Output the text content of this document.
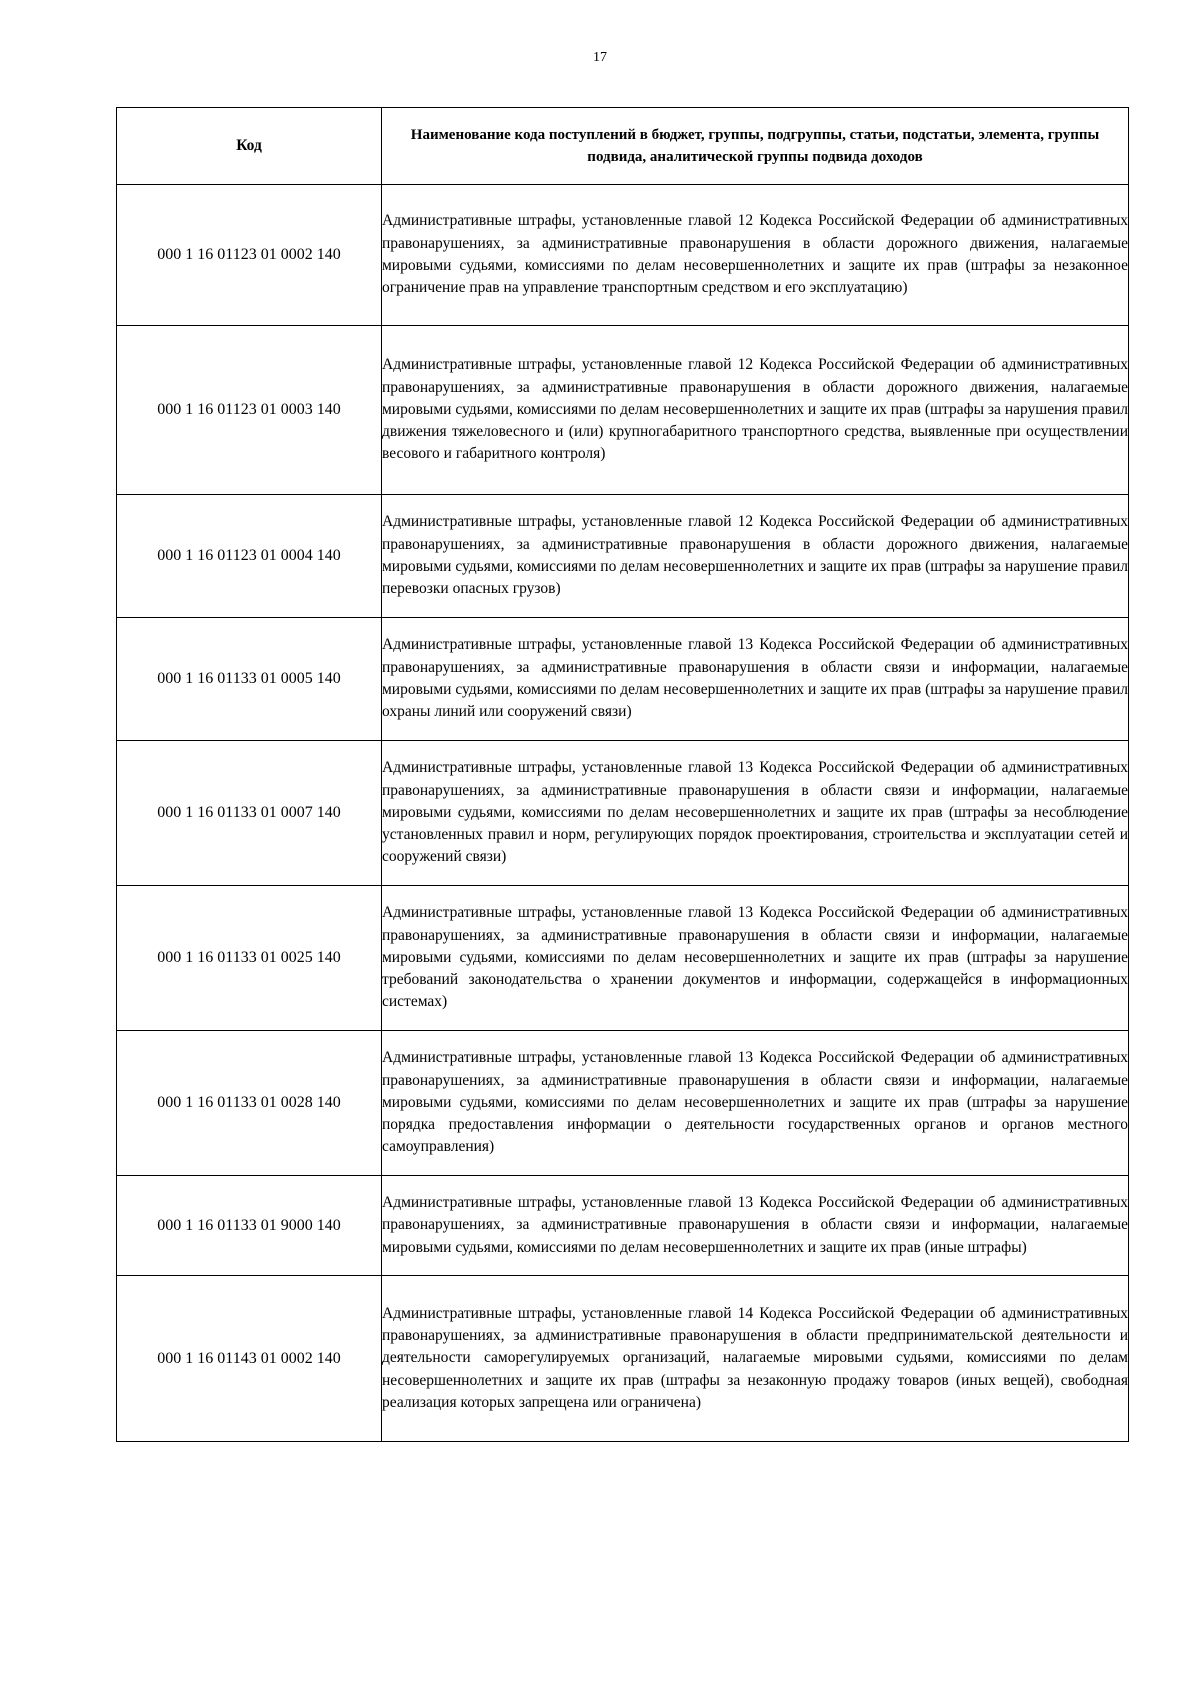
17
Код	Наименование кода поступлений в бюджет, группы, подгруппы, статьи, подстатьи, элемента, группы подвида, аналитической группы подвида доходов
000 1 16 01123 01 0002 140	Административные штрафы, установленные главой 12 Кодекса Российской Федерации об административных правонарушениях, за административные правонарушения в области дорожного движения, налагаемые мировыми судьями, комиссиями по делам несовершеннолетних и защите их прав (штрафы за незаконное ограничение прав на управление транспортным средством и его эксплуатацию)
000 1 16 01123 01 0003 140	Административные штрафы, установленные главой 12 Кодекса Российской Федерации об административных правонарушениях, за административные правонарушения в области дорожного движения, налагаемые мировыми судьями, комиссиями по делам несовершеннолетних и защите их прав (штрафы за нарушения правил движения тяжеловесного и (или) крупногабаритного транспортного средства, выявленные при осуществлении весового и габаритного контроля)
000 1 16 01123 01 0004 140	Административные штрафы, установленные главой 12 Кодекса Российской Федерации об административных правонарушениях, за административные правонарушения в области дорожного движения, налагаемые мировыми судьями, комиссиями по делам несовершеннолетних и защите их прав (штрафы за нарушение правил перевозки опасных грузов)
000 1 16 01133 01 0005 140	Административные штрафы, установленные главой 13 Кодекса Российской Федерации об административных правонарушениях, за административные правонарушения в области связи и информации, налагаемые мировыми судьями, комиссиями по делам несовершеннолетних и защите их прав (штрафы за нарушение правил охраны линий или сооружений связи)
000 1 16 01133 01 0007 140	Административные штрафы, установленные главой 13 Кодекса Российской Федерации об административных правонарушениях, за административные правонарушения в области связи и информации, налагаемые мировыми судьями, комиссиями по делам несовершеннолетних и защите их прав (штрафы за несоблюдение установленных правил и норм, регулирующих порядок проектирования, строительства и эксплуатации сетей и сооружений связи)
000 1 16 01133 01 0025 140	Административные штрафы, установленные главой 13 Кодекса Российской Федерации об административных правонарушениях, за административные правонарушения в области связи и информации, налагаемые мировыми судьями, комиссиями по делам несовершеннолетних и защите их прав (штрафы за нарушение требований законодательства о хранении документов и информации, содержащейся в информационных системах)
000 1 16 01133 01 0028 140	Административные штрафы, установленные главой 13 Кодекса Российской Федерации об административных правонарушениях, за административные правонарушения в области связи и информации, налагаемые мировыми судьями, комиссиями по делам несовершеннолетних и защите их прав (штрафы за нарушение порядка предоставления информации о деятельности государственных органов и органов местного самоуправления)
000 1 16 01133 01 9000 140	Административные штрафы, установленные главой 13 Кодекса Российской Федерации об административных правонарушениях, за административные правонарушения в области связи и информации, налагаемые мировыми судьями, комиссиями по делам несовершеннолетних и защите их прав (иные штрафы)
000 1 16 01143 01 0002 140	Административные штрафы, установленные главой 14 Кодекса Российской Федерации об административных правонарушениях, за административные правонарушения в области предпринимательской деятельности и деятельности саморегулируемых организаций, налагаемые мировыми судьями, комиссиями по делам несовершеннолетних и защите их прав (штрафы за незаконную продажу товаров (иных вещей), свободная реализация которых запрещена или ограничена)
